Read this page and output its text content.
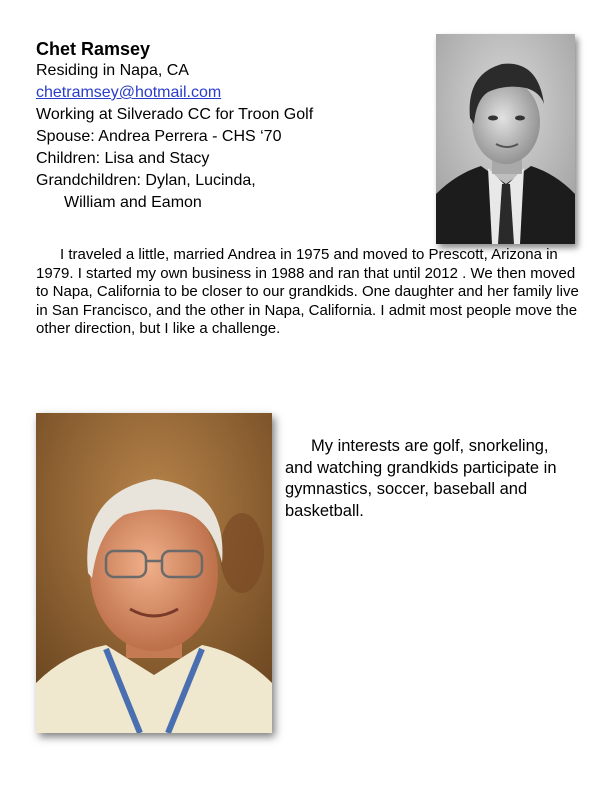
Chet Ramsey

Residing in Napa, CA

chetramsey@hotmail.com

Working at Silverado CC for Troon Golf

Spouse: Andrea Perrera - CHS ‘70

Children: Lisa and Stacy

Grandchildren: Dylan, Lucinda,

William and Eamon

I traveled a little, married Andrea in 1975 and moved to Prescott, Arizona in 1979. I started my own business in 1988 and ran that until 2012 . We then moved to Napa, California to be closer to our grandkids. One daughter and her family live in San Francisco, and the other in Napa, California. I admit most people move the other direction, but I like a challenge.

My interests are golf, snorkeling, and watching grandkids participate in gymnastics, soccer, baseball and basketball.
